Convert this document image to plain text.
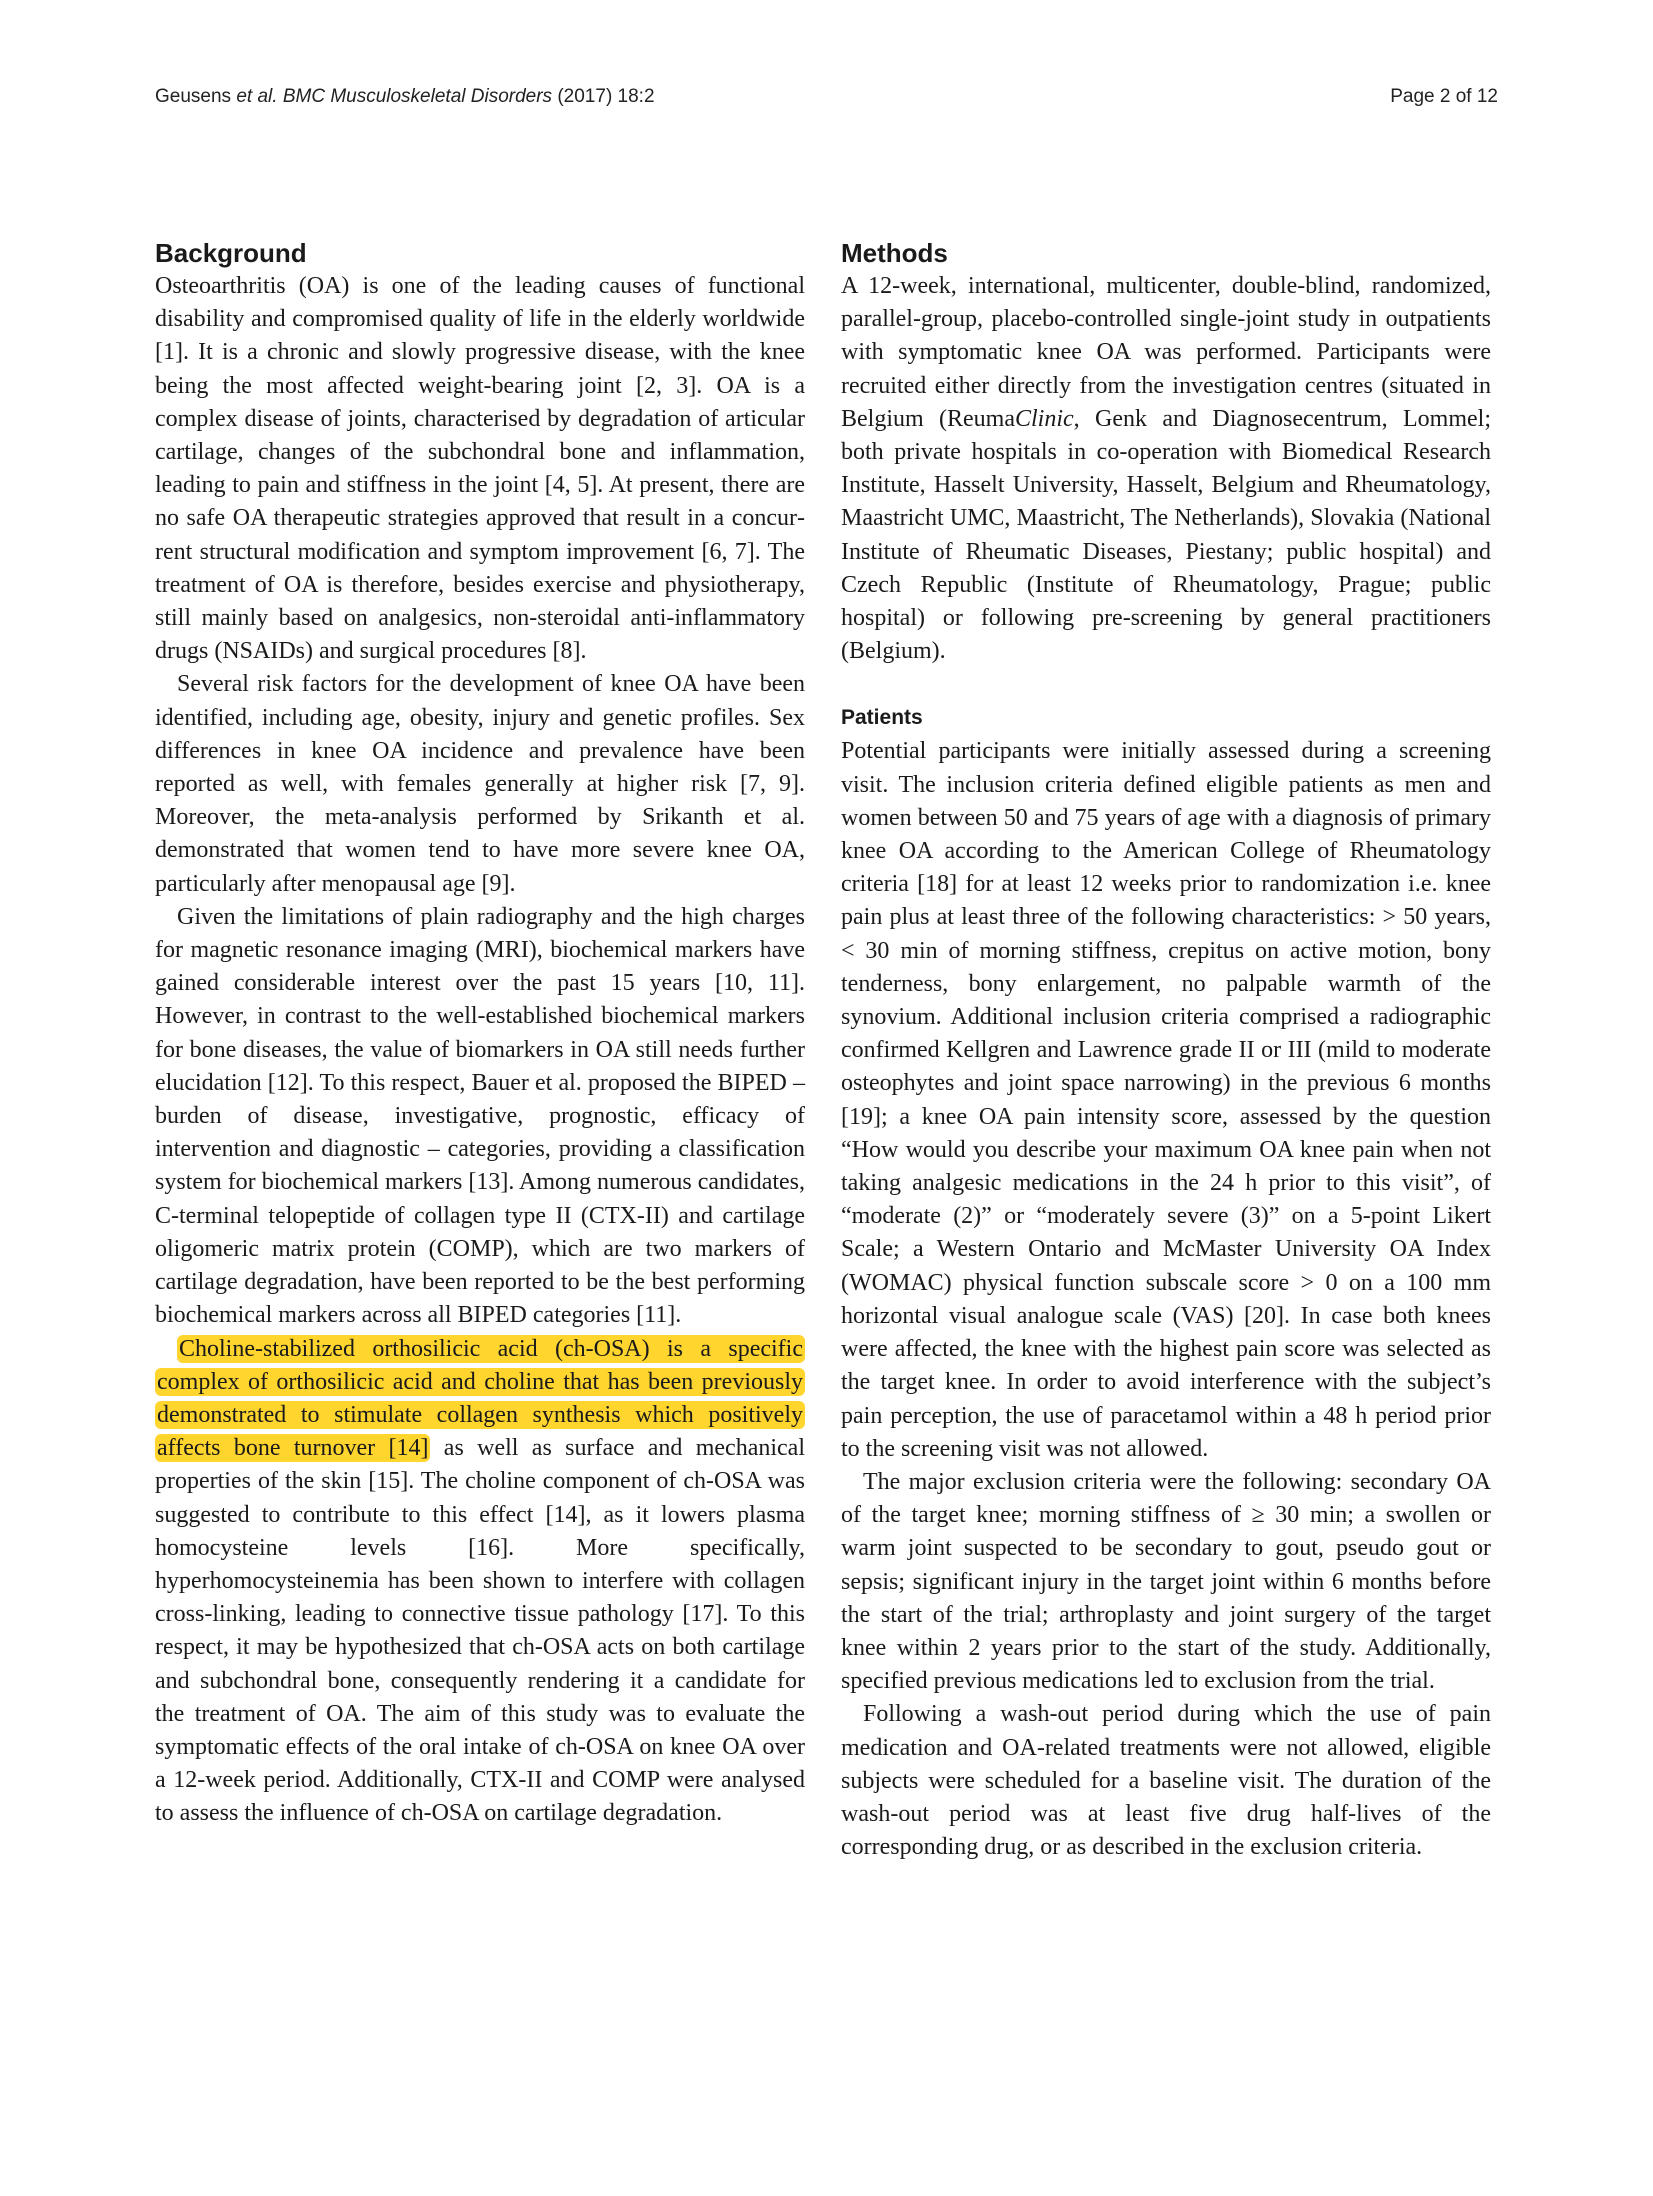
Geusens et al. BMC Musculoskeletal Disorders (2017) 18:2	Page 2 of 12
Background

Osteoarthritis (OA) is one of the leading causes of functional disability and compromised quality of life in the elderly worldwide [1]. It is a chronic and slowly progressive disease, with the knee being the most affected weight-bearing joint [2, 3]. OA is a complex disease of joints, characterised by degradation of articular cartilage, changes of the subchondral bone and inflammation, leading to pain and stiffness in the joint [4, 5]. At present, there are no safe OA therapeutic strategies approved that result in a concurrent structural modification and symptom improvement [6, 7]. The treatment of OA is therefore, besides exercise and physiotherapy, still mainly based on analgesics, non-steroidal anti-inflammatory drugs (NSAIDs) and surgical procedures [8].

Several risk factors for the development of knee OA have been identified, including age, obesity, injury and genetic profiles. Sex differences in knee OA incidence and prevalence have been reported as well, with females generally at higher risk [7, 9]. Moreover, the meta-analysis performed by Srikanth et al. demonstrated that women tend to have more severe knee OA, particularly after menopausal age [9].

Given the limitations of plain radiography and the high charges for magnetic resonance imaging (MRI), biochemical markers have gained considerable interest over the past 15 years [10, 11]. However, in contrast to the well-established biochemical markers for bone diseases, the value of biomarkers in OA still needs further elucidation [12]. To this respect, Bauer et al. proposed the BIPED – burden of disease, investigative, prognostic, efficacy of intervention and diagnostic – categories, providing a classification system for biochemical markers [13]. Among numerous candidates, C-terminal telopeptide of collagen type II (CTX-II) and cartilage oligomeric matrix protein (COMP), which are two markers of cartilage degradation, have been reported to be the best performing biochemical markers across all BIPED categories [11].

Choline-stabilized orthosilicic acid (ch-OSA) is a specific complex of orthosilicic acid and choline that has been previously demonstrated to stimulate collagen synthesis which positively affects bone turnover [14] as well as surface and mechanical properties of the skin [15]. The choline component of ch-OSA was suggested to contribute to this effect [14], as it lowers plasma homocysteine levels [16]. More specifically, hyperhomocysteinemia has been shown to interfere with collagen cross-linking, leading to connective tissue pathology [17]. To this respect, it may be hypothesized that ch-OSA acts on both cartilage and subchondral bone, consequently rendering it a candidate for the treatment of OA. The aim of this study was to evaluate the symptomatic effects of the oral intake of ch-OSA on knee OA over a 12-week period. Additionally, CTX-II and COMP were analysed to assess the influence of ch-OSA on cartilage degradation.

Methods

A 12-week, international, multicenter, double-blind, randomized, parallel-group, placebo-controlled single-joint study in outpatients with symptomatic knee OA was performed. Participants were recruited either directly from the investigation centres (situated in Belgium (ReumaClinic, Genk and Diagnosecentrum, Lommel; both private hospitals in co-operation with Biomedical Research Institute, Hasselt University, Hasselt, Belgium and Rheumatology, Maastricht UMC, Maastricht, The Netherlands), Slovakia (National Institute of Rheumatic Diseases, Piestany; public hospital) and Czech Republic (Institute of Rheumatology, Prague; public hospital) or following pre-screening by general practitioners (Belgium).

Patients

Potential participants were initially assessed during a screening visit. The inclusion criteria defined eligible patients as men and women between 50 and 75 years of age with a diagnosis of primary knee OA according to the American College of Rheumatology criteria [18] for at least 12 weeks prior to randomization i.e. knee pain plus at least three of the following characteristics: > 50 years, < 30 min of morning stiffness, crepitus on active motion, bony tenderness, bony enlargement, no palpable warmth of the synovium. Additional inclusion criteria comprised a radiographic confirmed Kellgren and Lawrence grade II or III (mild to moderate osteophytes and joint space narrowing) in the previous 6 months [19]; a knee OA pain intensity score, assessed by the question “How would you describe your maximum OA knee pain when not taking analgesic medications in the 24 h prior to this visit”, of “moderate (2)” or “moderately severe (3)” on a 5-point Likert Scale; a Western Ontario and McMaster University OA Index (WOMAC) physical function subscale score > 0 on a 100 mm horizontal visual analogue scale (VAS) [20]. In case both knees were affected, the knee with the highest pain score was selected as the target knee. In order to avoid interference with the subject’s pain perception, the use of paracetamol within a 48 h period prior to the screening visit was not allowed.

The major exclusion criteria were the following: secondary OA of the target knee; morning stiffness of ≥ 30 min; a swollen or warm joint suspected to be secondary to gout, pseudo gout or sepsis; significant injury in the target joint within 6 months before the start of the trial; arthroplasty and joint surgery of the target knee within 2 years prior to the start of the study. Additionally, specified previous medications led to exclusion from the trial.

Following a wash-out period during which the use of pain medication and OA-related treatments were not allowed, eligible subjects were scheduled for a baseline visit. The duration of the wash-out period was at least five drug half-lives of the corresponding drug, or as described in the exclusion criteria.
